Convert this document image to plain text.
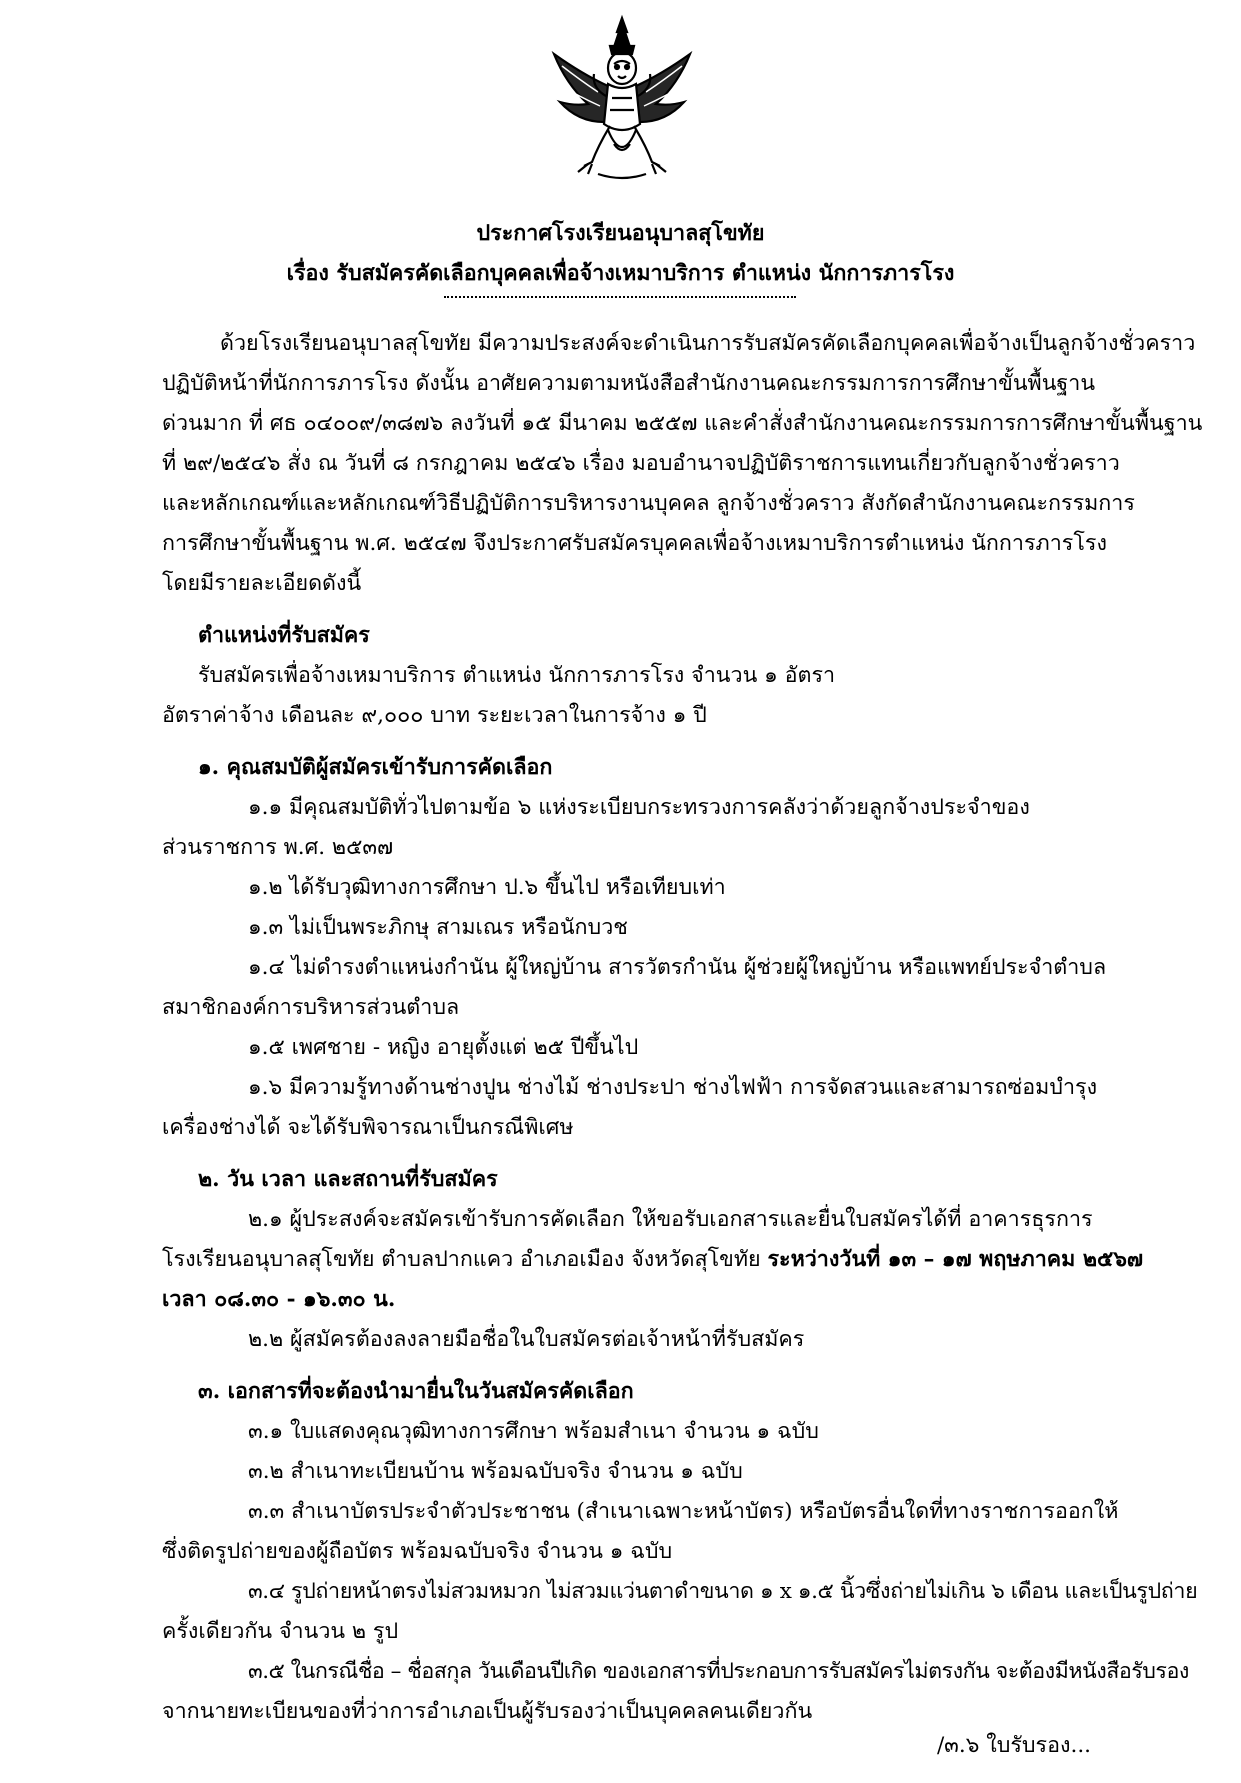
ประกาศโรงเรียนอนุบาลสุโขทัย
เรื่อง รับสมัครคัดเลือกบุคคลเพื่อจ้างเหมาบริการ ตำแหน่ง นักการภารโรง
ด้วยโรงเรียนอนุบาลสุโขทัย มีความประสงค์จะดำเนินการรับสมัครคัดเลือกบุคคลเพื่อจ้างเป็นลูกจ้างชั่วคราว
ปฏิบัติหน้าที่นักการภารโรง ดังนั้น อาศัยความตามหนังสือสำนักงานคณะกรรมการการศึกษาขั้นพื้นฐาน
ด่วนมาก ที่ ศธ ๐๔๐๐๙/๓๘๗๖ ลงวันที่ ๑๕ มีนาคม ๒๕๕๗ และคำสั่งสำนักงานคณะกรรมการการศึกษาขั้นพื้นฐาน
ที่ ๒๙/๒๕๔๖ สั่ง ณ วันที่ ๘ กรกฎาคม ๒๕๔๖ เรื่อง มอบอำนาจปฏิบัติราชการแทนเกี่ยวกับลูกจ้างชั่วคราว
และหลักเกณฑ์และหลักเกณฑ์วิธีปฏิบัติการบริหารงานบุคคล ลูกจ้างชั่วคราว สังกัดสำนักงานคณะกรรมการ
การศึกษาขั้นพื้นฐาน พ.ศ. ๒๕๔๗ จึงประกาศรับสมัครบุคคลเพื่อจ้างเหมาบริการตำแหน่ง นักการภารโรง
โดยมีรายละเอียดดังนี้
ตำแหน่งที่รับสมัคร
รับสมัครเพื่อจ้างเหมาบริการ ตำแหน่ง นักการภารโรง จำนวน ๑ อัตรา
อัตราค่าจ้าง เดือนละ ๙,๐๐๐ บาท ระยะเวลาในการจ้าง ๑ ปี
๑. คุณสมบัติผู้สมัครเข้ารับการคัดเลือก
๑.๑ มีคุณสมบัติทั่วไปตามข้อ ๖ แห่งระเบียบกระทรวงการคลังว่าด้วยลูกจ้างประจำของ
ส่วนราชการ พ.ศ. ๒๕๓๗
๑.๒ ได้รับวุฒิทางการศึกษา ป.๖ ขึ้นไป หรือเทียบเท่า
๑.๓ ไม่เป็นพระภิกษุ สามเณร หรือนักบวช
๑.๔ ไม่ดำรงตำแหน่งกำนัน ผู้ใหญ่บ้าน สารวัตรกำนัน ผู้ช่วยผู้ใหญ่บ้าน หรือแพทย์ประจำตำบล
สมาชิกองค์การบริหารส่วนตำบล
๑.๕ เพศชาย - หญิง อายุตั้งแต่ ๒๕ ปีขึ้นไป
๑.๖ มีความรู้ทางด้านช่างปูน ช่างไม้ ช่างประปา ช่างไฟฟ้า การจัดสวนและสามารถซ่อมบำรุง
เครื่องช่างได้ จะได้รับพิจารณาเป็นกรณีพิเศษ
๒. วัน เวลา และสถานที่รับสมัคร
๒.๑ ผู้ประสงค์จะสมัครเข้ารับการคัดเลือก ให้ขอรับเอกสารและยื่นใบสมัครได้ที่ อาคารธุรการ
โรงเรียนอนุบาลสุโขทัย ตำบลปากแคว อำเภอเมือง จังหวัดสุโขทัย ระหว่างวันที่ ๑๓ – ๑๗ พฤษภาคม ๒๕๖๗
เวลา ๐๘.๓๐ - ๑๖.๓๐ น.
๒.๒ ผู้สมัครต้องลงลายมือชื่อในใบสมัครต่อเจ้าหน้าที่รับสมัคร
๓. เอกสารที่จะต้องนำมายื่นในวันสมัครคัดเลือก
๓.๑ ใบแสดงคุณวุฒิทางการศึกษา พร้อมสำเนา จำนวน ๑ ฉบับ
๓.๒ สำเนาทะเบียนบ้าน พร้อมฉบับจริง จำนวน ๑ ฉบับ
๓.๓ สำเนาบัตรประจำตัวประชาชน (สำเนาเฉพาะหน้าบัตร) หรือบัตรอื่นใดที่ทางราชการออกให้
ซึ่งติดรูปถ่ายของผู้ถือบัตร พร้อมฉบับจริง จำนวน ๑ ฉบับ
๓.๔ รูปถ่ายหน้าตรงไม่สวมหมวก ไม่สวมแว่นตาดำขนาด ๑ x ๑.๕ นิ้วซึ่งถ่ายไม่เกิน ๖ เดือน และเป็นรูปถ่าย
ครั้งเดียวกัน จำนวน ๒ รูป
๓.๕ ในกรณีชื่อ – ชื่อสกุล วันเดือนปีเกิด ของเอกสารที่ประกอบการรับสมัครไม่ตรงกัน จะต้องมีหนังสือรับรอง
จากนายทะเบียนของที่ว่าการอำเภอเป็นผู้รับรองว่าเป็นบุคคลคนเดียวกัน
/๓.๖ ใบรับรอง...
